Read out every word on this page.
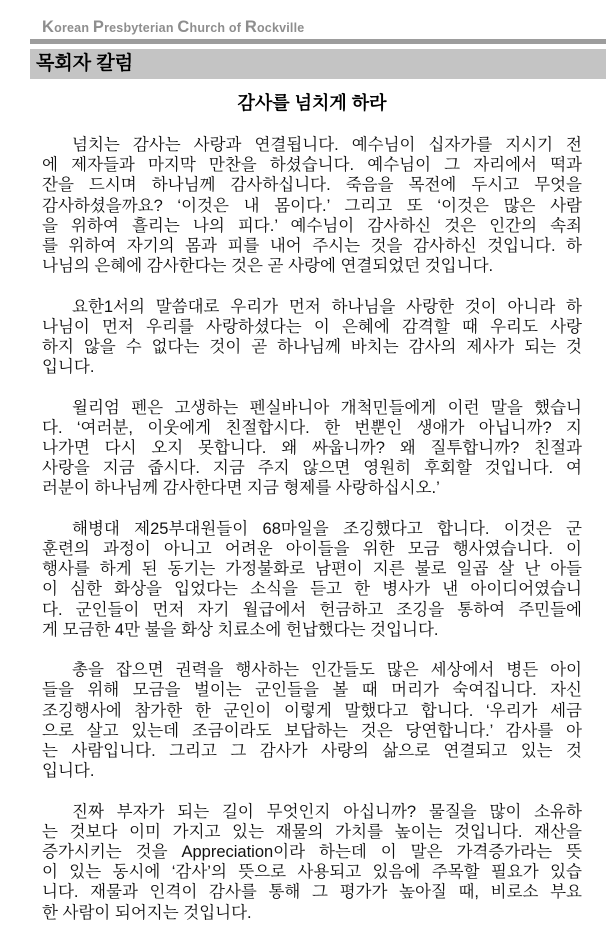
Korean Presbyterian Church of Rockville
목회자 칼럼
감사를 넘치게 하라
넘치는 감사는 사랑과 연결됩니다. 예수님이 십자가를 지시기 전
에 제자들과 마지막 만찬을 하셨습니다. 예수님이 그 자리에서 떡과
잔을 드시며 하나님께 감사하십니다. 죽음을 목전에 두시고 무엇을
감사하셨을까요? ‘이것은 내 몸이다.’ 그리고 또 ‘이것은 많은 사람
을 위하여 흘리는 나의 피다.’ 예수님이 감사하신 것은 인간의 속죄
를 위하여 자기의 몸과 피를 내어 주시는 것을 감사하신 것입니다. 하
나님의 은혜에 감사한다는 것은 곧 사랑에 연결되었던 것입니다.
요한1서의 말씀대로 우리가 먼저 하나님을 사랑한 것이 아니라 하
나님이 먼저 우리를 사랑하셨다는 이 은혜에 감격할 때 우리도 사랑
하지 않을 수 없다는 것이 곧 하나님께 바치는 감사의 제사가 되는 것
입니다.
윌리엄 펜은 고생하는 펜실바니아 개척민들에게 이런 말을 했습니
다. ‘여러분, 이웃에게 친절합시다. 한 번뿐인 생애가 아닙니까? 지
나가면 다시 오지 못합니다. 왜 싸웁니까? 왜 질투합니까? 친절과
사랑을 지금 줍시다. 지금 주지 않으면 영원히 후회할 것입니다. 여
러분이 하나님께 감사한다면 지금 형제를 사랑하십시오.’
해병대 제25부대원들이 68마일을 조깅했다고 합니다. 이것은 군
훈련의 과정이 아니고 어려운 아이들을 위한 모금 행사였습니다. 이
행사를 하게 된 동기는 가정불화로 남편이 지른 불로 일곱 살 난 아들
이 심한 화상을 입었다는 소식을 듣고 한 병사가 낸 아이디어였습니
다. 군인들이 먼저 자기 월급에서 헌금하고 조깅을 통하여 주민들에
게 모금한 4만 불을 화상 치료소에 헌납했다는 것입니다.
총을 잡으면 권력을 행사하는 인간들도 많은 세상에서 병든 아이
들을 위해 모금을 벌이는 군인들을 볼 때 머리가 숙여집니다. 자신
조깅행사에 참가한 한 군인이 이렇게 말했다고 합니다. ‘우리가 세금
으로 살고 있는데 조금이라도 보답하는 것은 당연합니다.’ 감사를 아
는 사람입니다. 그리고 그 감사가 사랑의 삶으로 연결되고 있는 것
입니다.
진짜 부자가 되는 길이 무엇인지 아십니까? 물질을 많이 소유하
는 것보다 이미 가지고 있는 재물의 가치를 높이는 것입니다. 재산을
증가시키는 것을 Appreciation이라 하는데 이 말은 가격증가라는 뜻
이 있는 동시에 ‘감사’의 뜻으로 사용되고 있음에 주목할 필요가 있습
니다. 재물과 인격이 감사를 통해 그 평가가 높아질 때, 비로소 부요
한 사람이 되어지는 것입니다.
